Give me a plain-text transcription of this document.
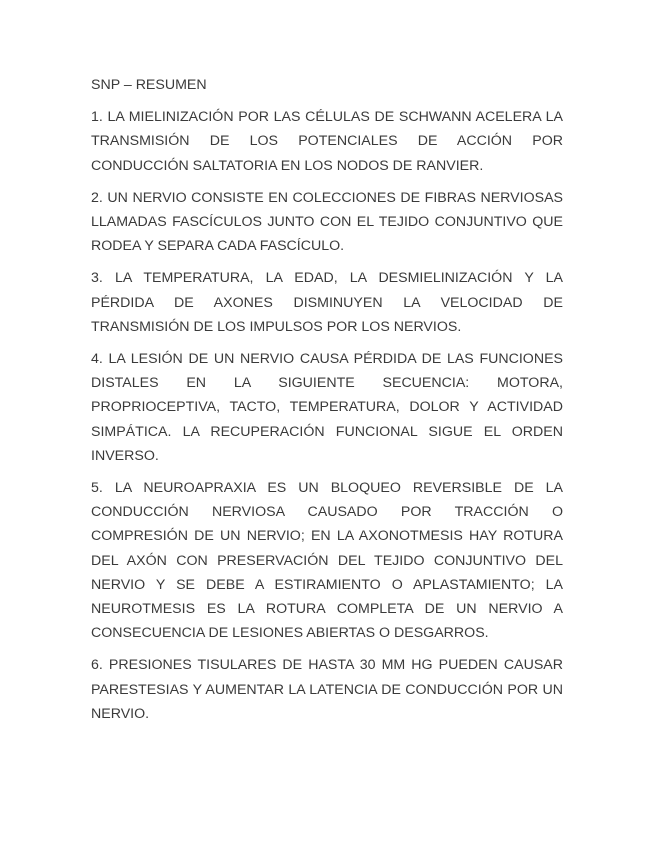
SNP – RESUMEN

1. LA MIELINIZACIÓN POR LAS CÉLULAS DE SCHWANN ACELERA LA TRANSMISIÓN DE LOS POTENCIALES DE ACCIÓN POR CONDUCCIÓN SALTATORIA EN LOS NODOS DE RANVIER.

2. UN NERVIO CONSISTE EN COLECCIONES DE FIBRAS NERVIOSAS LLAMADAS FASCÍCULOS JUNTO CON EL TEJIDO CONJUNTIVO QUE RODEA Y SEPARA CADA FASCÍCULO.

3. LA TEMPERATURA, LA EDAD, LA DESMIELINIZACIÓN Y LA PÉRDIDA DE AXONES DISMINUYEN LA VELOCIDAD DE TRANSMISIÓN DE LOS IMPULSOS POR LOS NERVIOS.

4. LA LESIÓN DE UN NERVIO CAUSA PÉRDIDA DE LAS FUNCIONES DISTALES EN LA SIGUIENTE SECUENCIA: MOTORA, PROPRIOCEPTIVA, TACTO, TEMPERATURA, DOLOR Y ACTIVIDAD SIMPÁTICA. LA RECUPERACIÓN FUNCIONAL SIGUE EL ORDEN INVERSO.

5. LA NEUROAPRAXIA ES UN BLOQUEO REVERSIBLE DE LA CONDUCCIÓN NERVIOSA CAUSADO POR TRACCIÓN O COMPRESIÓN DE UN NERVIO; EN LA AXONOTMESIS HAY ROTURA DEL AXÓN CON PRESERVACIÓN DEL TEJIDO CONJUNTIVO DEL NERVIO Y SE DEBE A ESTIRAMIENTO O APLASTAMIENTO; LA NEUROTMESIS ES LA ROTURA COMPLETA DE UN NERVIO A CONSECUENCIA DE LESIONES ABIERTAS O DESGARROS.

6. PRESIONES TISULARES DE HASTA 30 MM HG PUEDEN CAUSAR PARESTESIAS Y AUMENTAR LA LATENCIA DE CONDUCCIÓN POR UN NERVIO.
